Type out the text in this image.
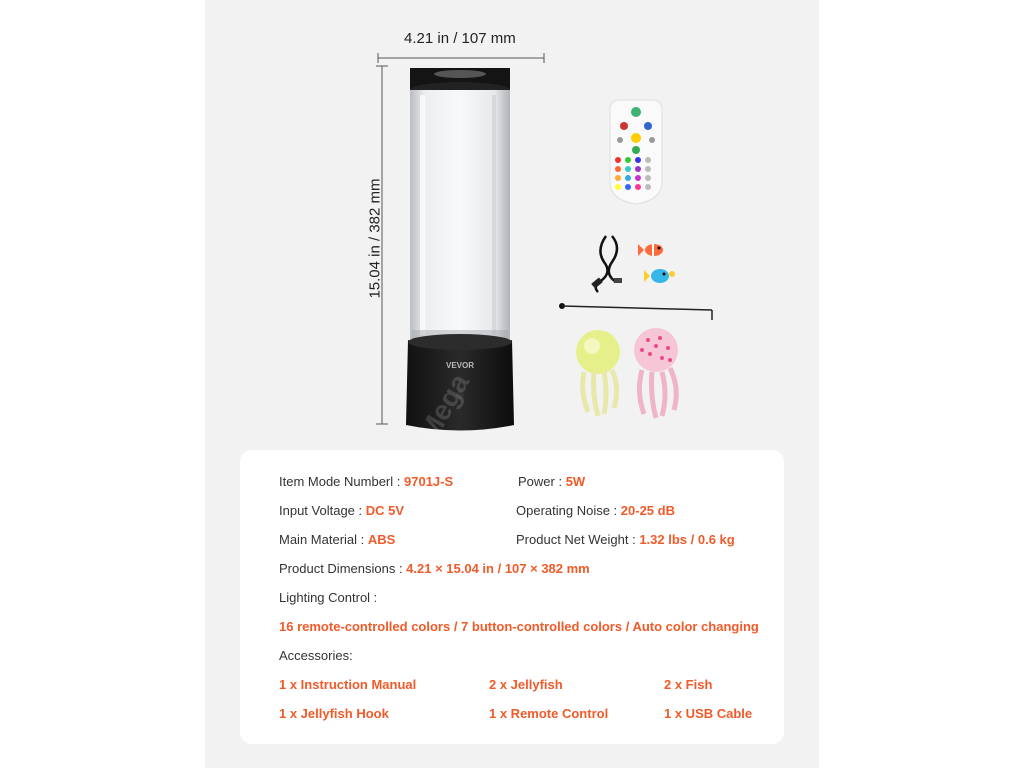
4.21 in / 107 mm
15.04 in / 382 mm
VEVOR
Mega
Item Mode Numberl : 9701J-S	Power : 5W
Input Voltage : DC 5V	Operating Noise : 20-25 dB
Main Material : ABS	Product Net Weight : 1.32 lbs / 0.6 kg
Product Dimensions : 4.21 × 15.04 in / 107 × 382 mm
Lighting Control :
16 remote-controlled colors / 7 button-controlled colors / Auto color changing
Accessories:
1 x Instruction Manual	2 x Jellyfish	2 x Fish
1 x Jellyfish Hook	1 x Remote Control	1 x USB Cable
